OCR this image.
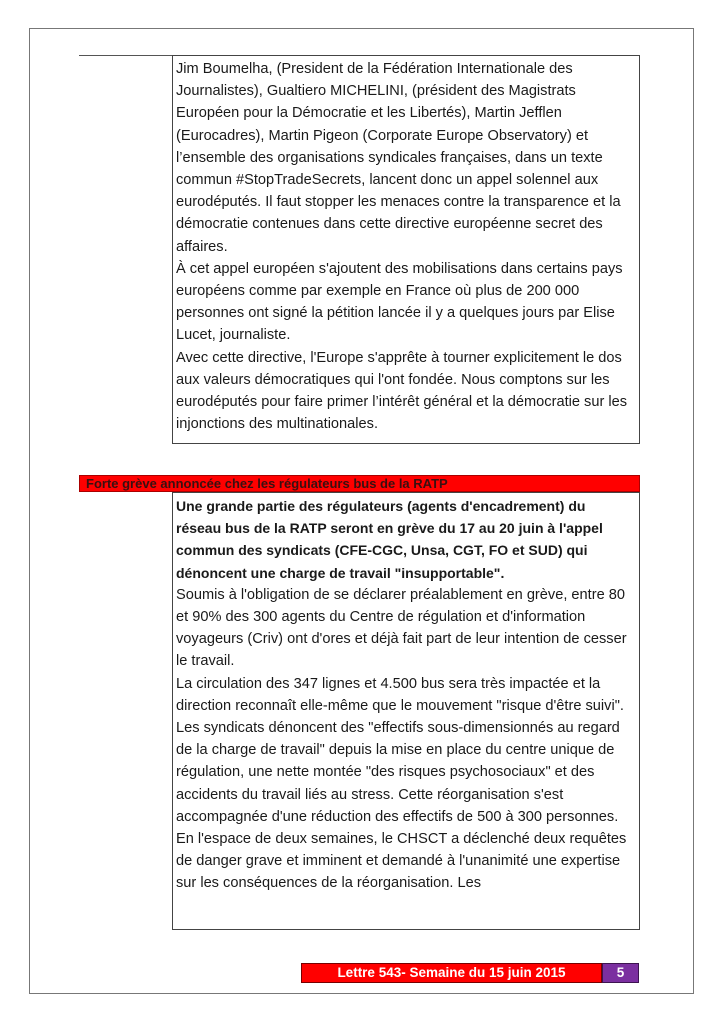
Jim Boumelha, (President de la Fédération Internationale des Journalistes), Gualtiero MICHELINI, (président des Magistrats Européen pour la Démocratie et les Libertés), Martin Jefflen (Eurocadres), Martin Pigeon (Corporate Europe Observatory) et l’ensemble des organisations syndicales françaises, dans un texte commun #StopTradeSecrets, lancent donc un appel solennel aux eurodéputés. Il faut stopper les menaces contre la transparence et la démocratie contenues dans cette directive européenne secret des affaires.

À cet appel européen s'ajoutent des mobilisations dans certains pays européens comme par exemple en France où plus de 200 000 personnes ont signé la pétition lancée il y a quelques jours par Elise Lucet, journaliste.

Avec cette directive, l'Europe s'apprête à tourner explicitement le dos aux valeurs démocratiques qui l'ont fondée. Nous comptons sur les eurodéputés pour faire primer l’intérêt général et la démocratie sur les injonctions des multinationales.

Forte grève annoncée chez les régulateurs bus de la RATP

Une grande partie des régulateurs (agents d'encadrement) du réseau bus de la RATP seront en grève du 17 au 20 juin à l'appel commun des syndicats (CFE-CGC, Unsa, CGT, FO et SUD) qui dénoncent une charge de travail "insupportable".

Soumis à l'obligation de se déclarer préalablement en grève, entre 80 et 90% des 300 agents du Centre de régulation et d'information voyageurs (Criv) ont d'ores et déjà fait part de leur intention de cesser le travail.

La circulation des 347 lignes et 4.500 bus sera très impactée et la direction reconnaît elle-même que le mouvement "risque d'être suivi".

Les syndicats dénoncent des "effectifs sous-dimensionnés au regard de la charge de travail" depuis la mise en place du centre unique de régulation, une nette montée "des risques psychosociaux" et des accidents du travail liés au stress. Cette réorganisation s'est accompagnée d'une réduction des effectifs de 500 à 300 personnes.

En l'espace de deux semaines, le CHSCT a déclenché deux requêtes de danger grave et imminent et demandé à l'unanimité une expertise sur les conséquences de la réorganisation. Les

Lettre 543- Semaine du 15 juin 2015	5
